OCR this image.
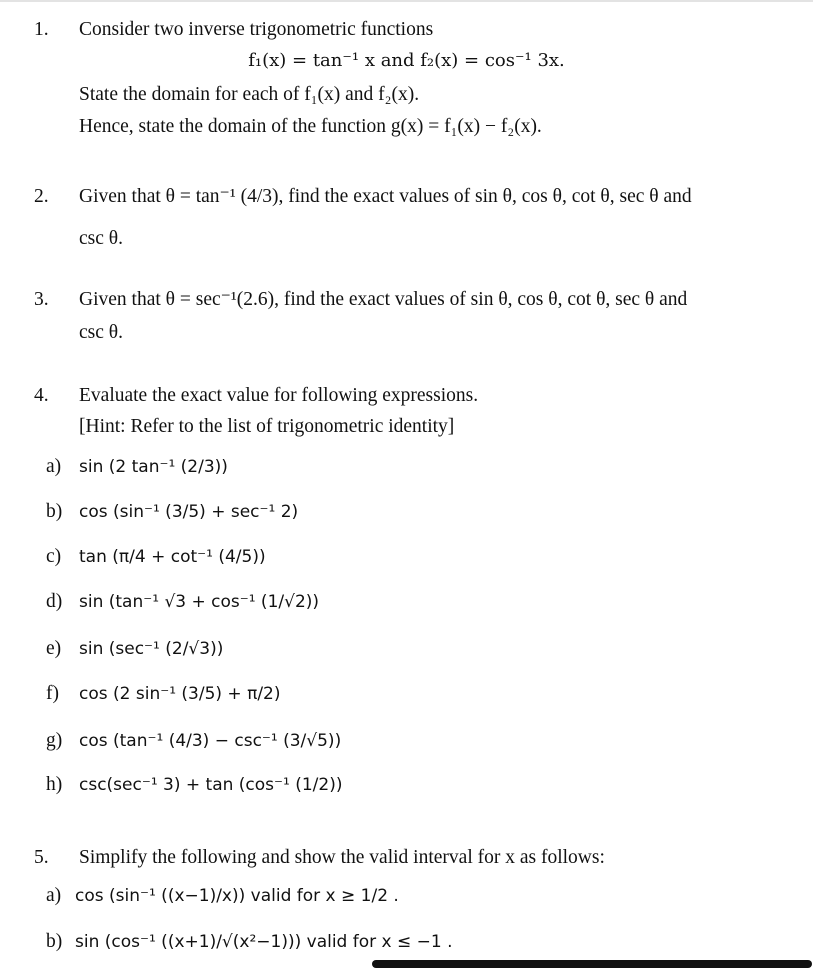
1. Consider two inverse trigonometric functions
f₁(x) = tan⁻¹ x and f₂(x) = cos⁻¹ 3x.
State the domain for each of f₁(x) and f₂(x).
Hence, state the domain of the function g(x) = f₁(x) − f₂(x).
2. Given that θ = tan⁻¹ (4/3), find the exact values of sin θ, cos θ, cot θ, sec θ and
csc θ.
3. Given that θ = sec⁻¹(2.6), find the exact values of sin θ, cos θ, cot θ, sec θ and
csc θ.
4. Evaluate the exact value for following expressions.
[Hint: Refer to the list of trigonometric identity]
a) sin (2 tan⁻¹ (2/3))
b) cos (sin⁻¹ (3/5) + sec⁻¹ 2)
c) tan (π/4 + cot⁻¹ (4/5))
d) sin (tan⁻¹ √3 + cos⁻¹ (1/√2))
e) sin (sec⁻¹ (2/√3))
f) cos (2 sin⁻¹ (3/5) + π/2)
g) cos (tan⁻¹ (4/3) − csc⁻¹ (3/√5))
h) csc(sec⁻¹ 3) + tan (cos⁻¹ (1/2))
5. Simplify the following and show the valid interval for x as follows:
a) cos (sin⁻¹ ((x−1)/x)) valid for x ≥ 1/2 .
b) sin (cos⁻¹ ((x+1)/√(x²−1))) valid for x ≤ −1 .
